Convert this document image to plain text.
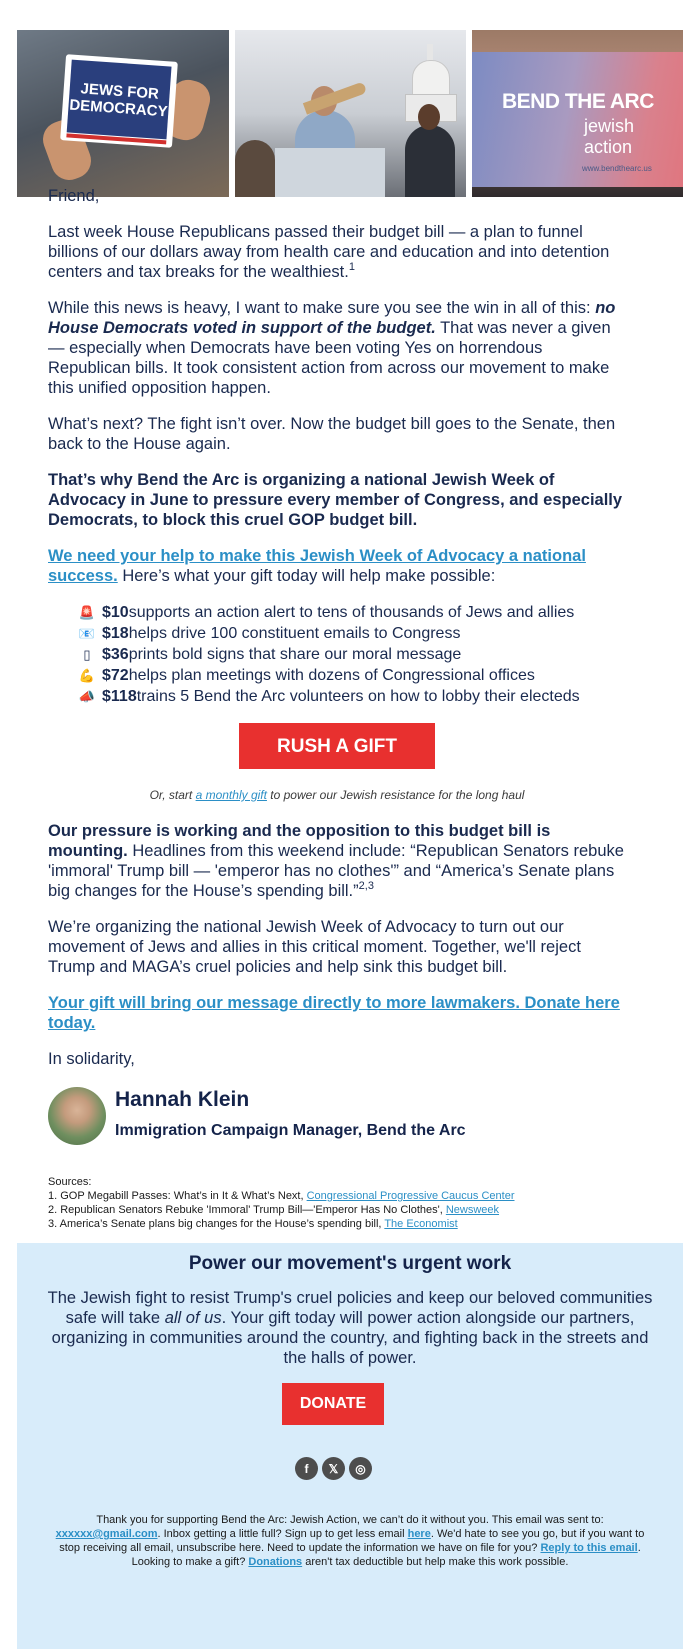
JEWS FOR DEMOCRACY	BEND THE ARC
jewish action
www.bendthearc.us

Friend,

Last week House Republicans passed their budget bill — a plan to funnel billions of our dollars away from health care and education and into detention centers and tax breaks for the wealthiest.$^1$

While this news is heavy, I want to make sure you see the win in all of this: no House Democrats voted in support of the budget. That was never a given — especially when Democrats have been voting Yes on horrendous Republican bills. It took consistent action from across our movement to make this unified opposition happen.

What’s next? The fight isn’t over. Now the budget bill goes to the Senate, then back to the House again.

That’s why Bend the Arc is organizing a national Jewish Week of Advocacy in June to pressure every member of Congress, and especially Democrats, to block this cruel GOP budget bill.

We need your help to make this Jewish Week of Advocacy a national success. Here’s what your gift today will help make possible:

🚨 $10 supports an action alert to tens of thousands of Jews and allies
📧 $18 helps drive 100 constituent emails to Congress
▯ $36 prints bold signs that share our moral message
💪 $72 helps plan meetings with dozens of Congressional offices
📣 $118 trains 5 Bend the Arc volunteers on how to lobby their electeds
RUSH A GIFT
Or, start a monthly gift to power our Jewish resistance for the long haul

Our pressure is working and the opposition to this budget bill is mounting. Headlines from this weekend include: “Republican Senators rebuke 'immoral' Trump bill — 'emperor has no clothes'” and “America’s Senate plans big changes for the House’s spending bill.”$^{2,3}$

We’re organizing the national Jewish Week of Advocacy to turn out our movement of Jews and allies in this critical moment. Together, we'll reject Trump and MAGA’s cruel policies and help sink this budget bill.

Your gift will bring our message directly to more lawmakers. Donate here today.

In solidarity,

Hannah Klein
Immigration Campaign Manager, Bend the Arc
Sources:
1. GOP Megabill Passes: What’s in It & What’s Next, Congressional Progressive Caucus Center
2. Republican Senators Rebuke 'Immoral' Trump Bill—'Emperor Has No Clothes', Newsweek
3. America’s Senate plans big changes for the House’s spending bill, The Economist
Power our movement's urgent work
The Jewish fight to resist Trump's cruel policies and keep our beloved communities safe will take all of us. Your gift today will power action alongside our partners, organizing in communities around the country, and fighting back in the streets and the halls of power.
DONATE
f	𝕏	◎
Thank you for supporting Bend the Arc: Jewish Action, we can’t do it without you. This email was sent to: xxxxxx@gmail.com. Inbox getting a little full? Sign up to get less email here. We'd hate to see you go, but if you want to stop receiving all email, unsubscribe here. Need to update the information we have on file for you? Reply to this email. Looking to make a gift? Donations aren't tax deductible but help make this work possible.
